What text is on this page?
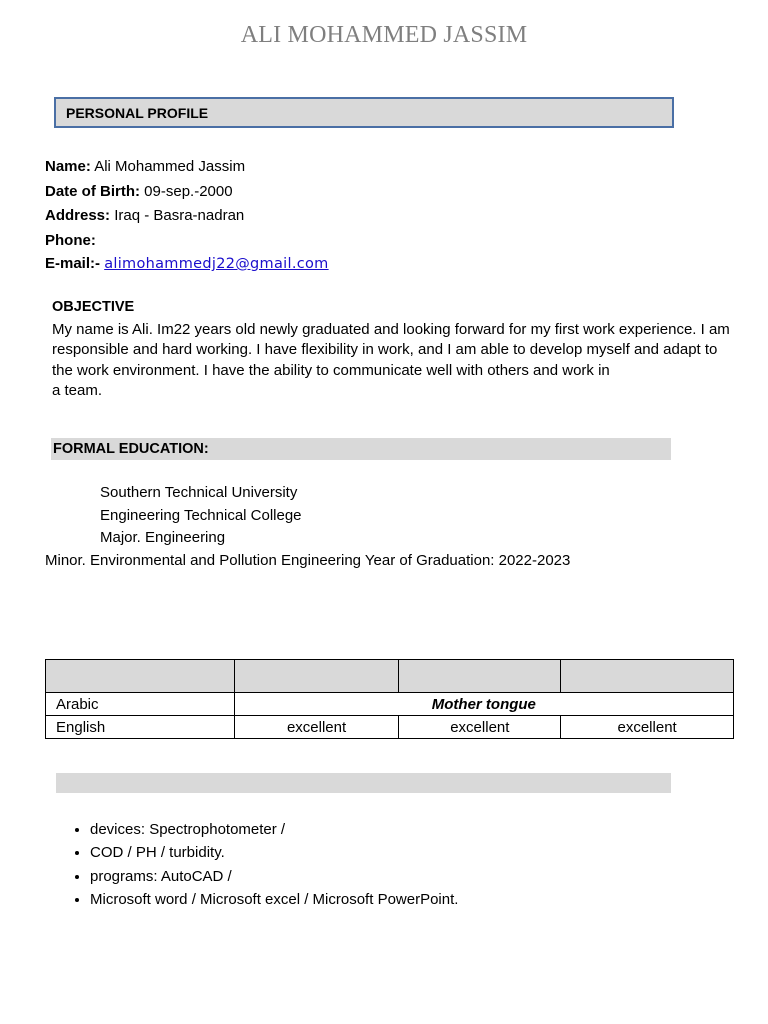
ALI MOHAMMED JASSIM
PERSONAL PROFILE
Name: Ali Mohammed Jassim
Date of Birth: 09-sep.-2000
Address: Iraq - Basra-nadran
Phone:
E-mail:- alimohammedj22@gmail.com
OBJECTIVE
My name is Ali. Im22 years old newly graduated and looking forward for my first work experience. I am responsible and hard working. I have flexibility in work, and I am able to develop myself and adapt to the work environment. I have the ability to communicate well with others and work in
a team.
FORMAL EDUCATION:
Southern Technical University
Engineering Technical College
Major. Engineering
Minor. Environmental and Pollution Engineering Year of Graduation: 2022-2023

Arabic	Mother tongue		
English	excellent	excellent	excellent
• devices: Spectrophotometer /
• COD / PH / turbidity.
• programs: AutoCAD /
• Microsoft word / Microsoft excel / Microsoft PowerPoint.
